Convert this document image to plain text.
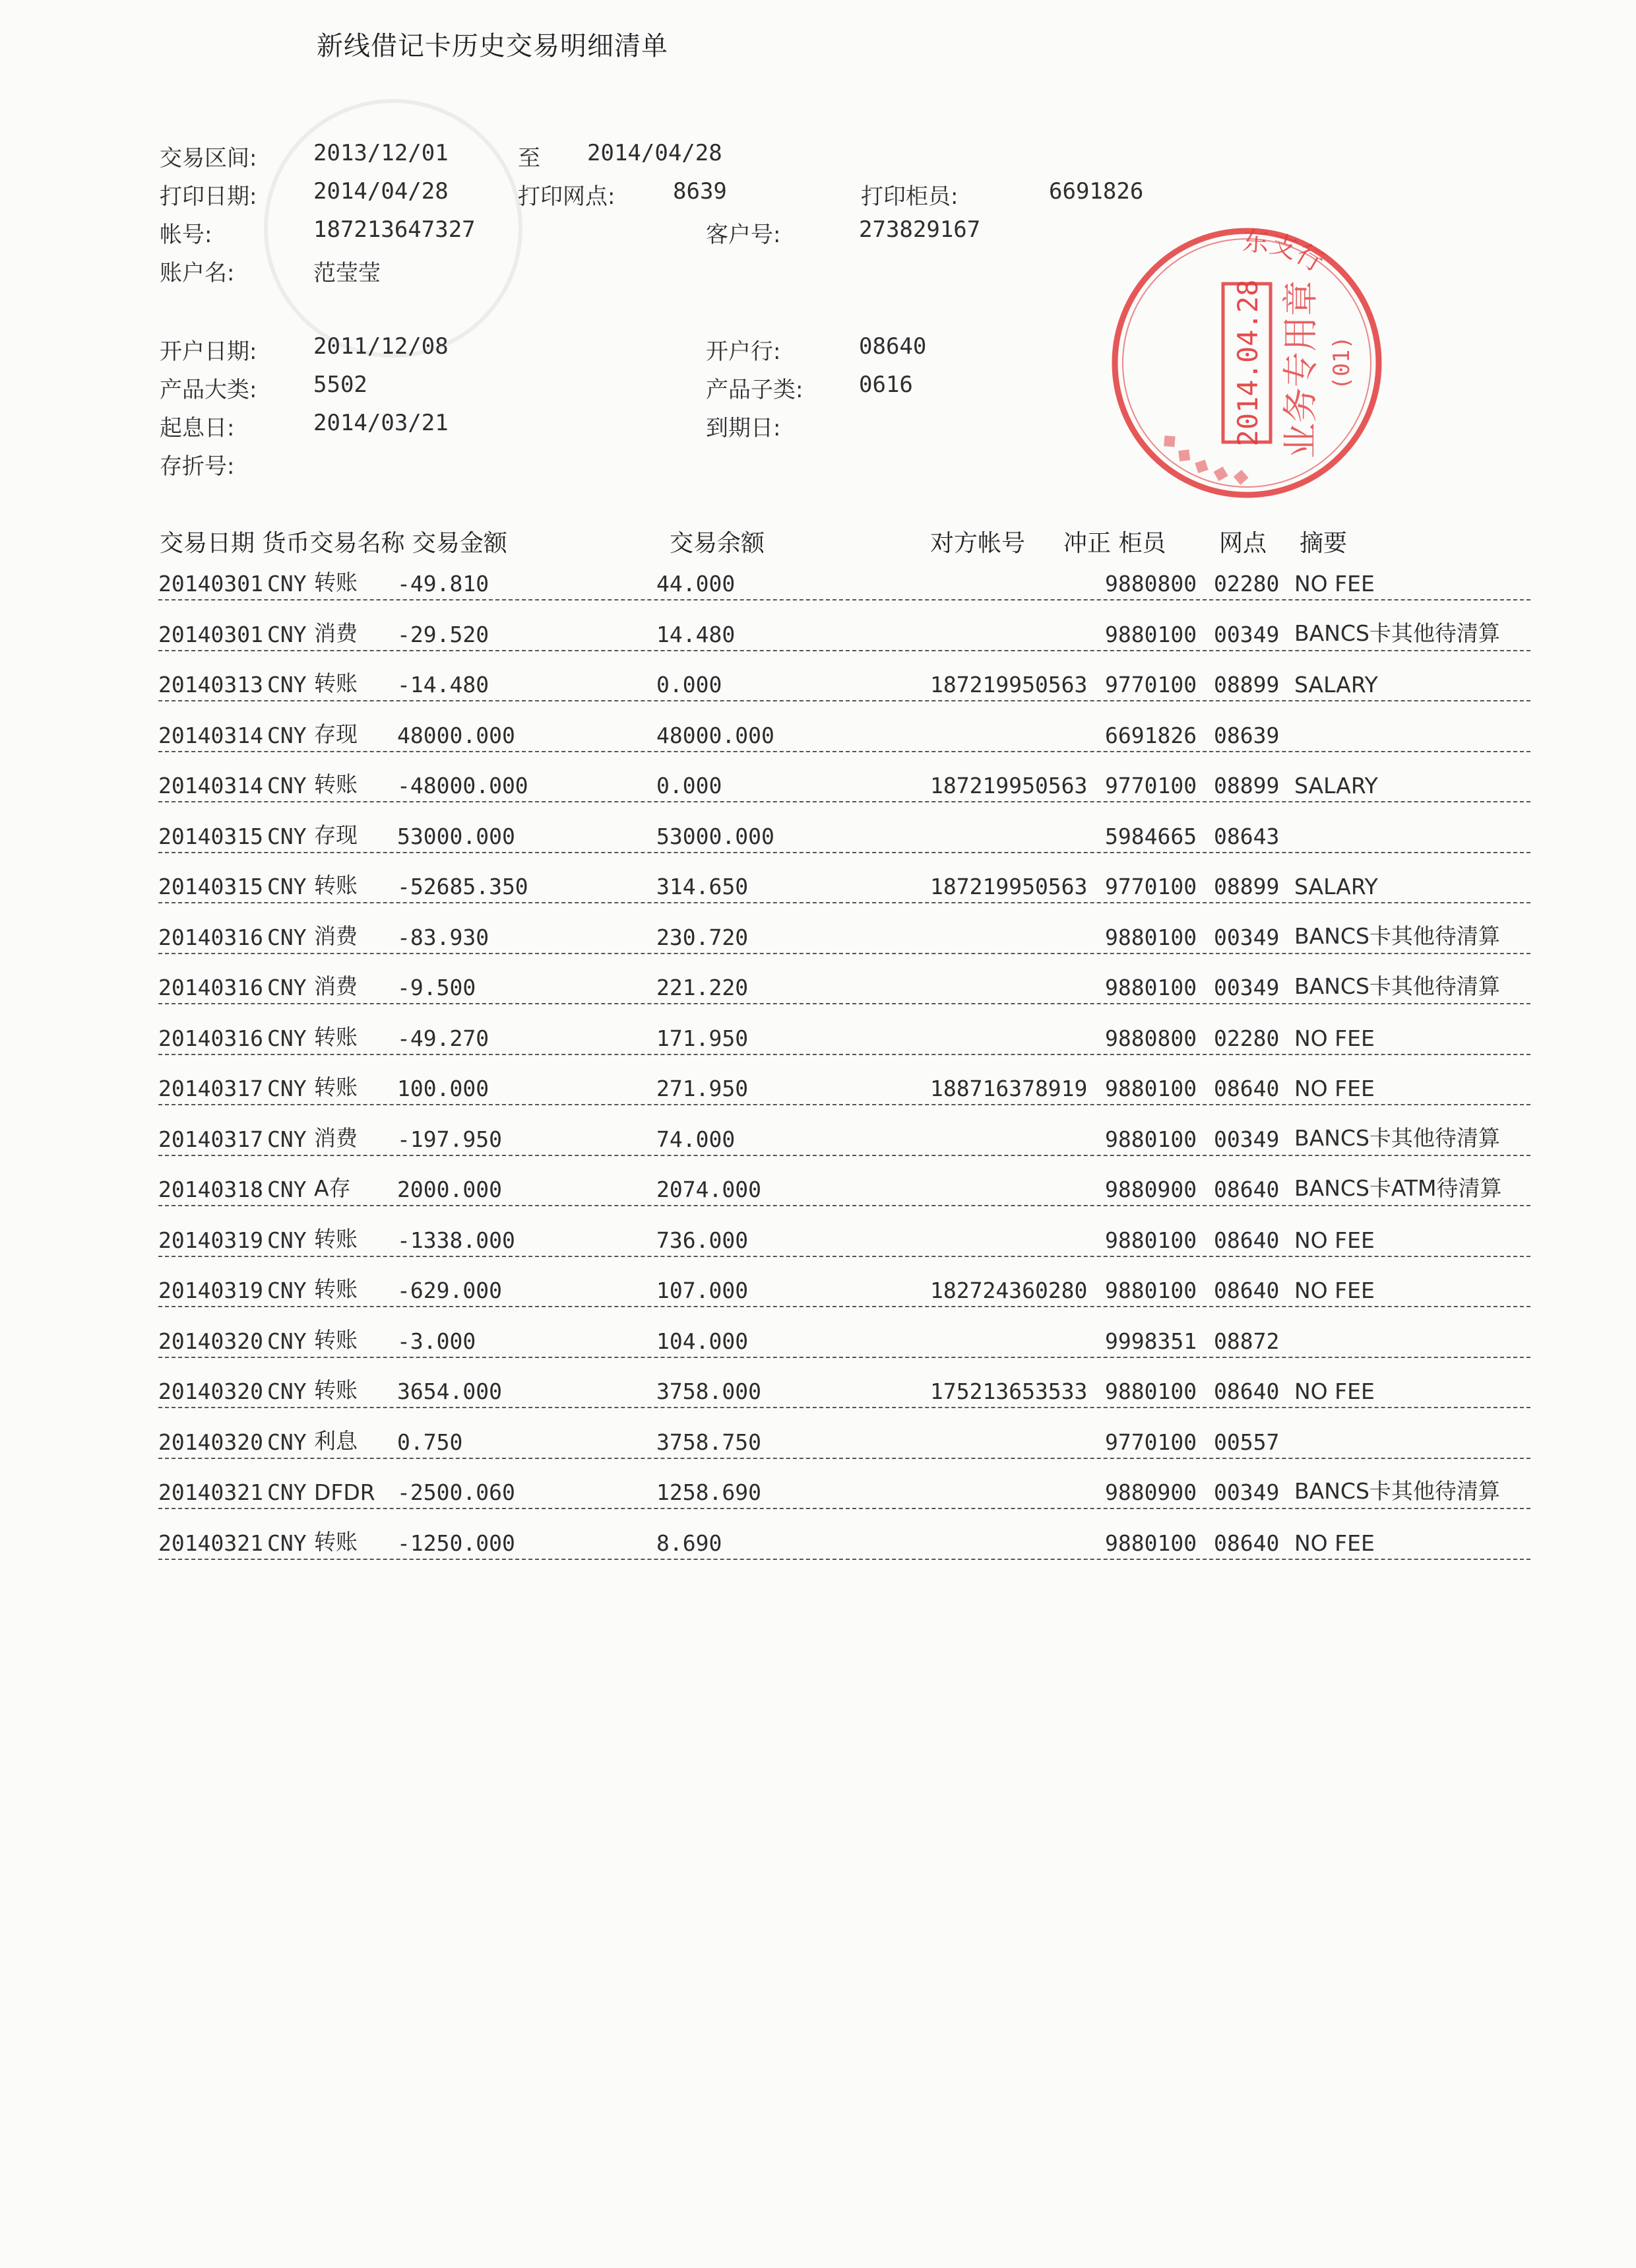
新线借记卡历史交易明细清单
交易区间:	2013/12/01	至 2014/04/28
打印日期:	2014/04/28	打印网点:	8639	打印柜员:	6691826
帐号:	187213647327	客户号:	273829167
账户名:	范莹莹
开户日期:	2011/12/08	开户行:	08640
产品大类:	5502	产品子类: 0616
起息日:	2014/03/21	到期日:
存折号:
交易日期 货币交易名称 交易金额	交易余额	对方帐号 冲正 柜员 网点 摘要
20140301 CNY 转账 -49.810	44.000	9880800 02280 NO FEE
20140301 CNY 消费 -29.520	14.480	9880100 00349 BANCS卡其他待清算
20140313 CNY 转账 -14.480	0.000	187219950563 9770100 08899 SALARY
20140314 CNY 存现 48000.000	48000.000	6691826 08639
20140314 CNY 转账 -48000.000	0.000	187219950563 9770100 08899 SALARY
20140315 CNY 存现 53000.000	53000.000	5984665 08643
20140315 CNY 转账 -52685.350	314.650	187219950563 9770100 08899 SALARY
20140316 CNY 消费 -83.930	230.720	9880100 00349 BANCS卡其他待清算
20140316 CNY 消费 -9.500	221.220	9880100 00349 BANCS卡其他待清算
20140316 CNY 转账 -49.270	171.950	9880800 02280 NO FEE
20140317 CNY 转账 100.000	271.950	188716378919 9880100 08640 NO FEE
20140317 CNY 消费 -197.950	74.000	9880100 00349 BANCS卡其他待清算
20140318 CNY A存 2000.000	2074.000	9880900 08640 BANCS卡ATM待清算
20140319 CNY 转账 -1338.000	736.000	9880100 08640 NO FEE
20140319 CNY 转账 -629.000	107.000	182724360280 9880100 08640 NO FEE
20140320 CNY 转账 -3.000	104.000	9998351 08872
20140320 CNY 转账 3654.000	3758.000	175213653533 9880100 08640 NO FEE
20140320 CNY 利息 0.750	3758.750	9770100 00557
20140321 CNY DFDR -2500.060	1258.690	9880900 00349 BANCS卡其他待清算
20140321 CNY 转账 -1250.000	8.690	9880100 08640 NO FEE
东支行
2014.04.28 业务专用章 (01)
◆ ◆ ◆ ◆ ◆
